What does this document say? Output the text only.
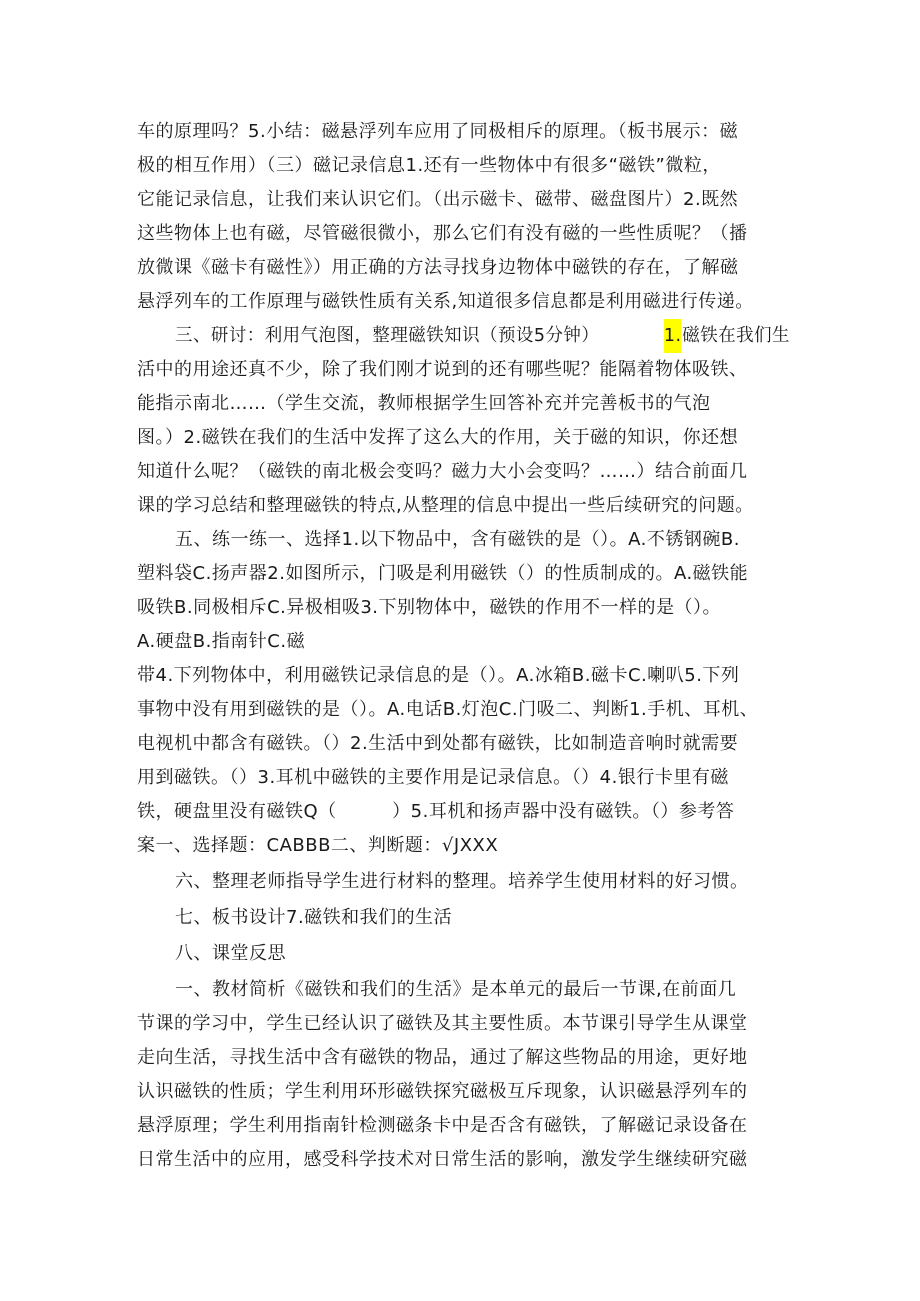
车的原理吗？5.小结：磁悬浮列车应用了同极相斥的原理。（板书展示：磁
极的相互作用）（三）磁记录信息1.还有一些物体中有很多“磁铁”微粒，
它能记录信息，让我们来认识它们。（出示磁卡、磁带、磁盘图片）2.既然
这些物体上也有磁，尽管磁很微小，那么它们有没有磁的一些性质呢？（播
放微课《磁卡有磁性》）用正确的方法寻找身边物体中磁铁的存在，了解磁
悬浮列车的工作原理与磁铁性质有关系,知道很多信息都是利用磁进行传递。
三、研讨：利用气泡图，整理磁铁知识（预设5分钟）	1. 磁铁在我们生
活中的用途还真不少，除了我们刚才说到的还有哪些呢？能隔着物体吸铁、
能指示南北……（学生交流，教师根据学生回答补充并完善板书的气泡
图。）2.磁铁在我们的生活中发挥了这么大的作用，关于磁的知识，你还想
知道什么呢？（磁铁的南北极会变吗？磁力大小会变吗？……）结合前面几
课的学习总结和整理磁铁的特点,从整理的信息中提出一些后续研究的问题。
五、练一练一、选择1.以下物品中，含有磁铁的是（）。A.不锈钢碗B.
塑料袋C.扬声器2.如图所示，门吸是利用磁铁（）的性质制成的。A.磁铁能
吸铁B.同极相斥C.异极相吸3.下别物体中，磁铁的作用不一样的是（）。
A.硬盘B.指南针C.磁
带4.下列物体中，利用磁铁记录信息的是（）。A.冰箱B.磁卡C.喇叭5.下列
事物中没有用到磁铁的是（）。A.电话B.灯泡C.门吸二、判断1.手机、耳机、
电视机中都含有磁铁。（）2.生活中到处都有磁铁，比如制造音响时就需要
用到磁铁。（）3.耳机中磁铁的主要作用是记录信息。（）4.银行卡里有磁
铁，硬盘里没有磁铁Q（　　　）5.耳机和扬声器中没有磁铁。（）参考答
案一、选择题：CABBB二、判断题：√JXXX
六、整理老师指导学生进行材料的整理。培养学生使用材料的好习惯。
七、板书设计7.磁铁和我们的生活
八、课堂反思
一、教材简析《磁铁和我们的生活》是本单元的最后一节课,在前面几
节课的学习中，学生已经认识了磁铁及其主要性质。本节课引导学生从课堂
走向生活，寻找生活中含有磁铁的物品，通过了解这些物品的用途，更好地
认识磁铁的性质；学生利用环形磁铁探究磁极互斥现象，认识磁悬浮列车的
悬浮原理；学生利用指南针检测磁条卡中是否含有磁铁，了解磁记录设备在
日常生活中的应用，感受科学技术对日常生活的影响，激发学生继续研究磁
